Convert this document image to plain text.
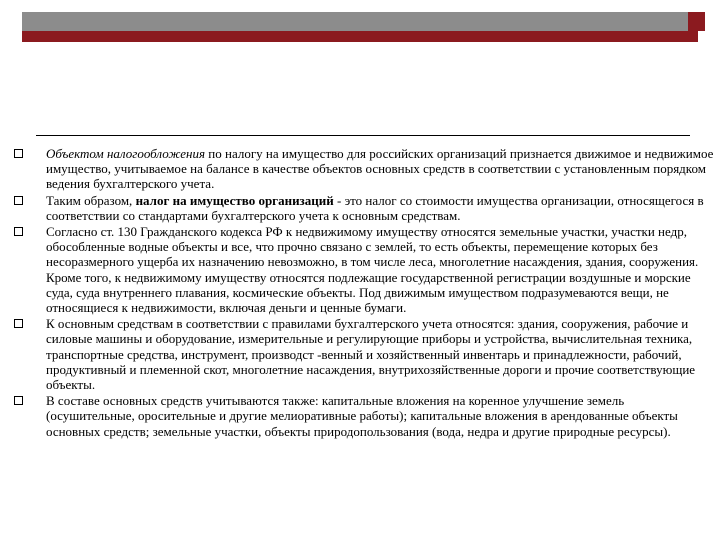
Объектом налогообложения по налогу на имущество для российских организаций признается движимое и недвижимое имущество, учитываемое на балансе в качестве объектов основных средств в соответствии с установленным порядком ведения бухгалтерского учета.
Таким образом, налог на имущество организаций - это налог со стоимости имущества организации, относящегося в соответствии со стандартами бухгалтерского учета к основным средствам.
Согласно ст. 130 Гражданского кодекса РФ к недвижимому имуществу относятся земельные участки, участки недр, обособленные водные объекты и все, что прочно связано с землей, то есть объекты, перемещение которых без несоразмерного ущерба их назначению невозможно, в том числе леса, многолетние насаждения, здания, сооружения. Кроме того, к недвижимому имуществу относятся подлежащие государственной регистрации воздушные и морские суда, суда внутреннего плавания, космические объекты. Под движимым имуществом подразумеваются вещи, не относящиеся к недвижимости, включая деньги и ценные бумаги.
К основным средствам в соответствии с правилами бухгалтерского учета относятся: здания, сооружения, рабочие и силовые машины и оборудование, измерительные и регулирующие приборы и устройства, вычислительная техника, транспортные средства, инструмент, производст -венный и хозяйственный инвентарь и принадлежности, рабочий, продуктивный и племенной скот, многолетние насаждения, внутрихозяйственные дороги и прочие соответствующие объекты.
В составе основных средств учитываются также: капитальные вложения на коренное улучшение земель (осушительные, оросительные и другие мелиоративные работы); капитальные вложения в арендованные объекты основных средств; земельные участки, объекты природопользования (вода, недра и другие природные ресурсы).
